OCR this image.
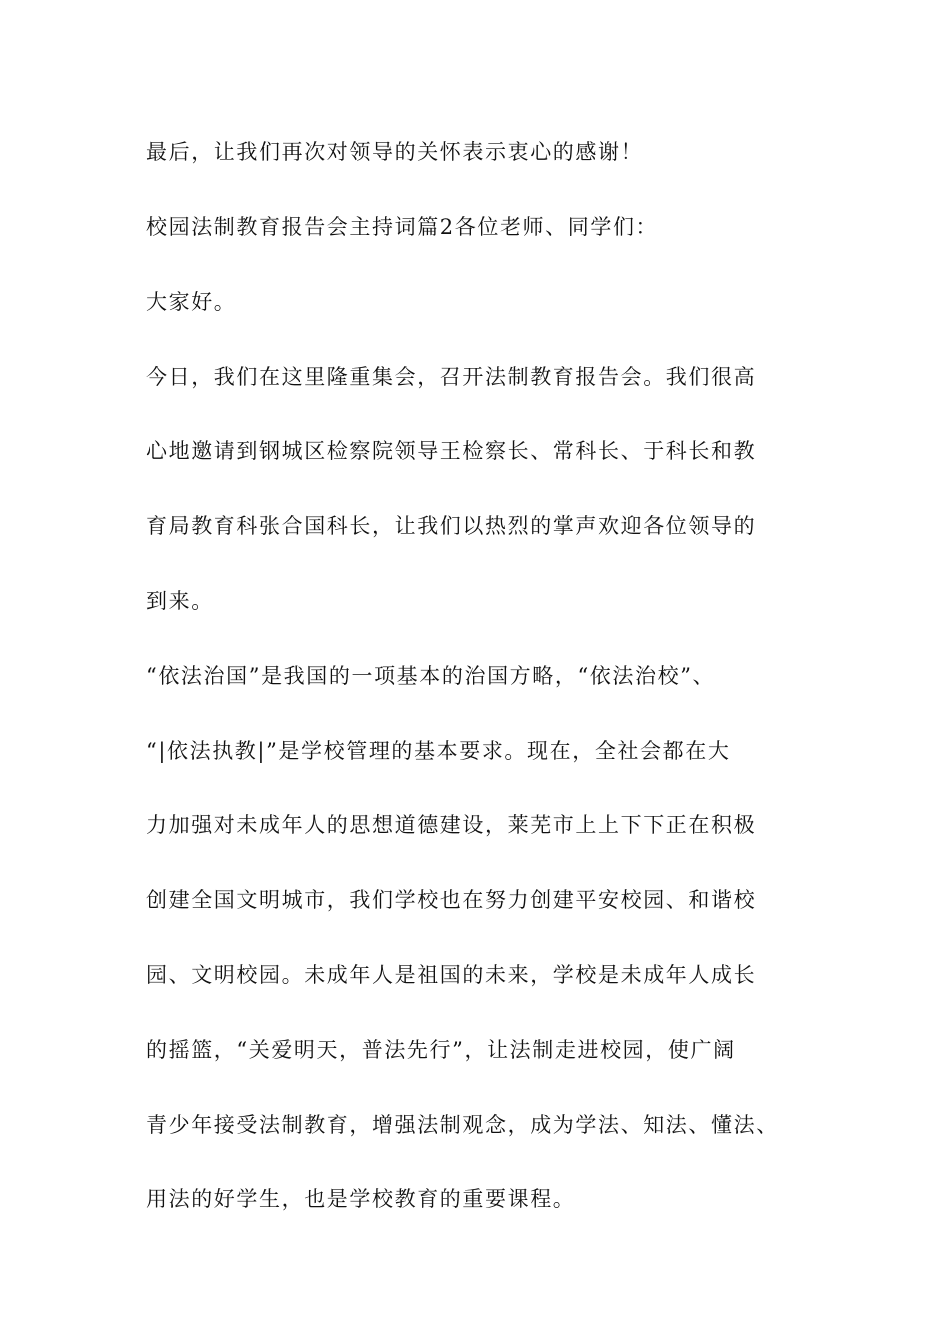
最后，让我们再次对领导的关怀表示衷心的感谢！
校园法制教育报告会主持词篇2各位老师、同学们：
大家好。
今日，我们在这里隆重集会，召开法制教育报告会。我们很高
心地邀请到钢城区检察院领导王检察长、常科长、于科长和教
育局教育科张合国科长，让我们以热烈的掌声欢迎各位领导的
到来。
“依法治国”是我国的一项基本的治国方略，“依法治校”、
“|依法执教|”是学校管理的基本要求。现在，全社会都在大
力加强对未成年人的思想道德建设，莱芜市上上下下正在积极
创建全国文明城市，我们学校也在努力创建平安校园、和谐校
园、文明校园。未成年人是祖国的未来，学校是未成年人成长
的摇篮，“关爱明天，普法先行”，让法制走进校园，使广阔
青少年接受法制教育，增强法制观念，成为学法、知法、懂法、
用法的好学生，也是学校教育的重要课程。
